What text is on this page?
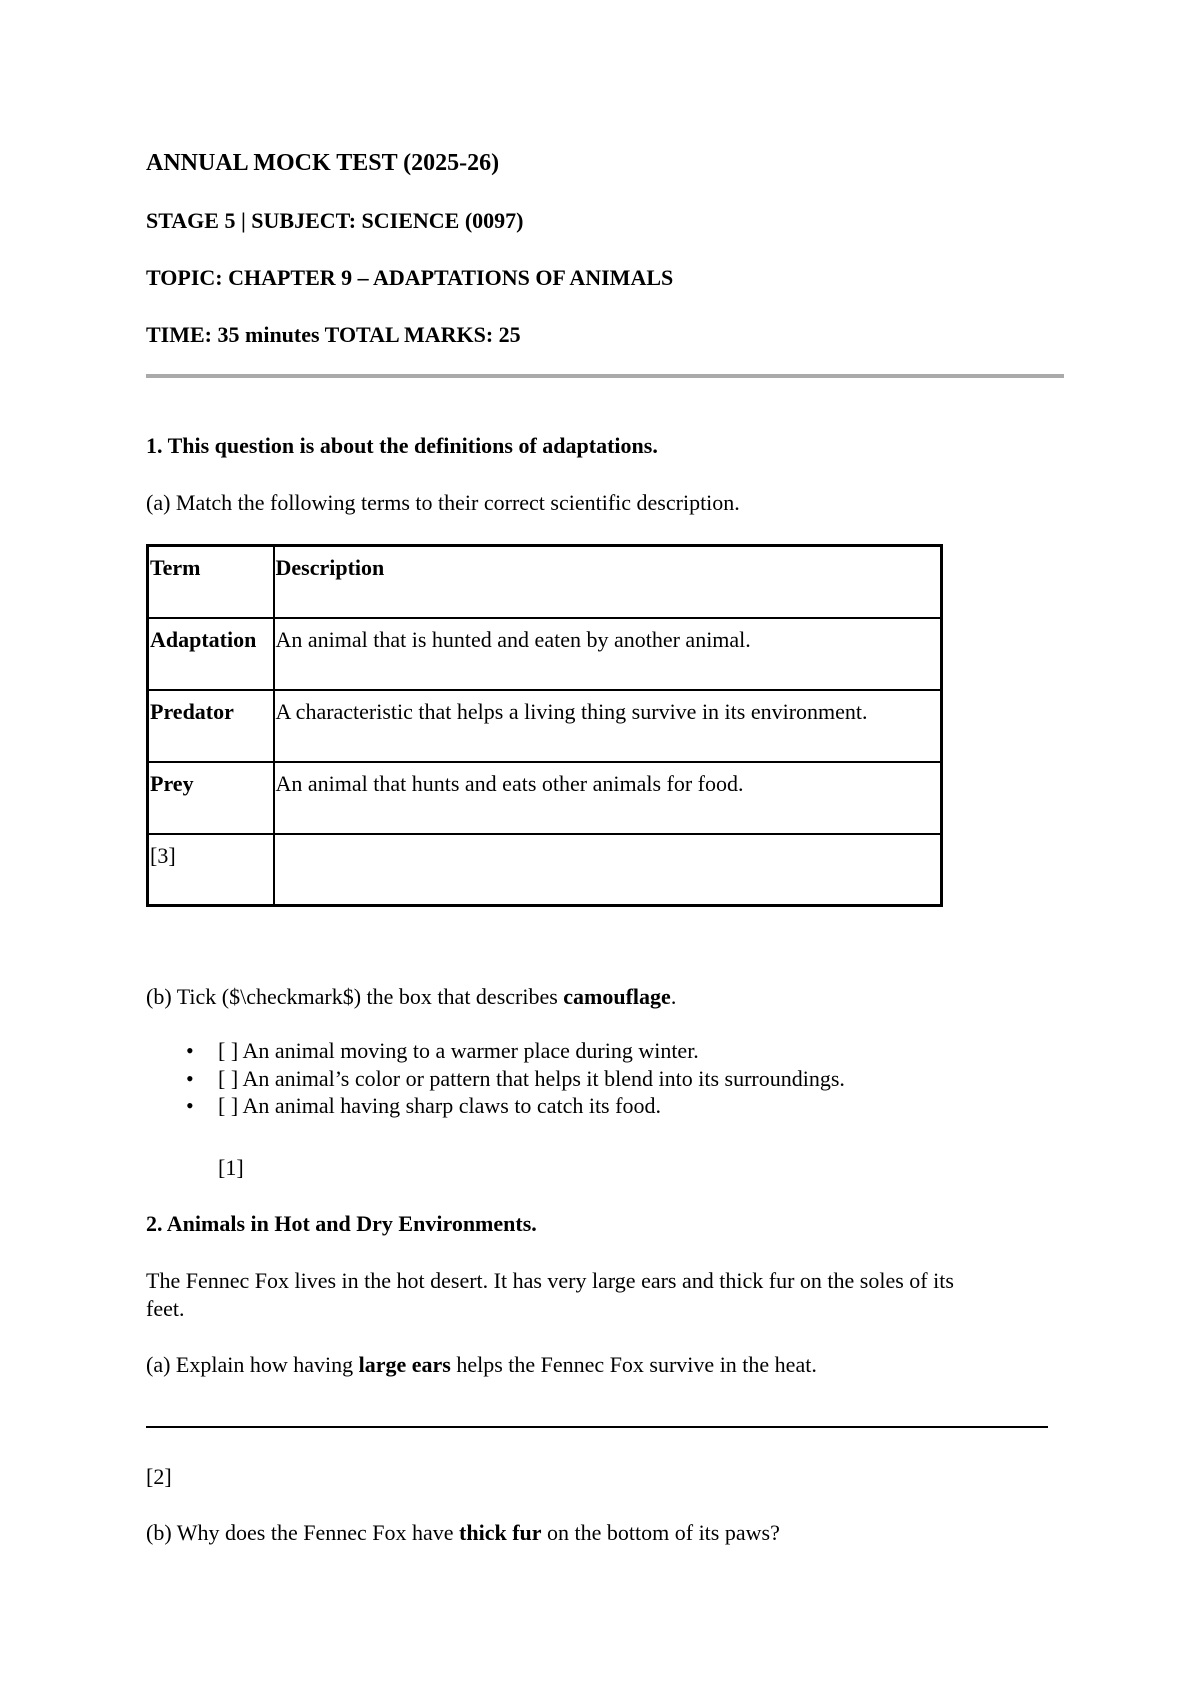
ANNUAL MOCK TEST (2025-26)
STAGE 5 | SUBJECT: SCIENCE (0097)
TOPIC: CHAPTER 9 – ADAPTATIONS OF ANIMALS
TIME: 35 minutes TOTAL MARKS: 25
1. This question is about the definitions of adaptations.
(a) Match the following terms to their correct scientific description.
Term	Description
Adaptation	An animal that is hunted and eaten by another animal.
Predator	A characteristic that helps a living thing survive in its environment.
Prey	An animal that hunts and eats other animals for food.
[3]	
(b) Tick ($\checkmark$) the box that describes camouflage.
• [ ] An animal moving to a warmer place during winter.
• [ ] An animal’s color or pattern that helps it blend into its surroundings.
• [ ] An animal having sharp claws to catch its food.
[1]
2. Animals in Hot and Dry Environments.
The Fennec Fox lives in the hot desert. It has very large ears and thick fur on the soles of its
feet.
(a) Explain how having large ears helps the Fennec Fox survive in the heat.
[2]
(b) Why does the Fennec Fox have thick fur on the bottom of its paws?
